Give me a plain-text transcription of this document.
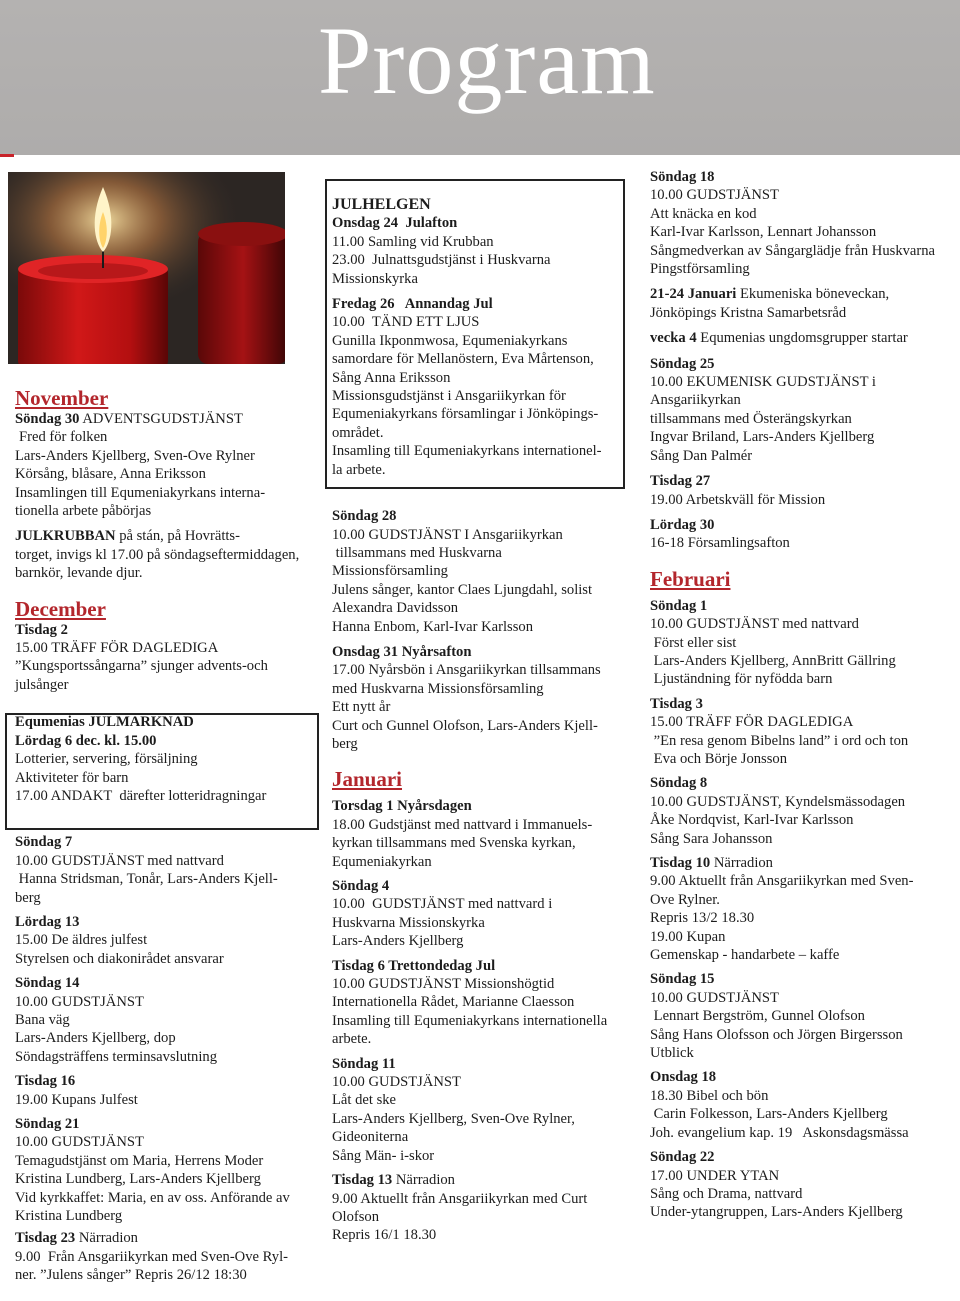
Program

November

Söndag 30 ADVENTSGUDSTJÄNST

Fred för folken

Lars-Anders Kjellberg, Sven-Ove Rylner

Körsång, blåsare, Anna Eriksson

Insamlingen till Equmeniakyrkans interna-

tionella arbete påbörjas

JULKRUBBAN på stán, på Hovrätts-

torget, invigs kl 17.00 på söndagseftermiddagen,

barnkör, levande djur.

December

Tisdag 2

15.00 TRÄFF FÖR DAGLEDIGA

”Kungsportssångarna” sjunger advents-och

julsånger

Equmenias JULMARKNAD

Lördag 6 dec. kl. 15.00

Lotterier, servering, försäljning

Aktiviteter för barn

17.00 ANDAKT  därefter lotteridragningar

Söndag 7

10.00 GUDSTJÄNST med nattvard

Hanna Stridsman, Tonår, Lars-Anders Kjell-

berg

Lördag 13

15.00 De äldres julfest

Styrelsen och diakonirådet ansvarar

Söndag 14

10.00 GUDSTJÄNST

Bana väg

Lars-Anders Kjellberg, dop

Söndagsträffens terminsavslutning

Tisdag 16

19.00 Kupans Julfest

Söndag 21

10.00 GUDSTJÄNST

Temagudstjänst om Maria, Herrens Moder

Kristina Lundberg, Lars-Anders Kjellberg

Vid kyrkkaffet: Maria, en av oss. Anförande av

Kristina Lundberg

Tisdag 23 Närradion

9.00  Från Ansgariikyrkan med Sven-Ove Ryl-

ner. ”Julens sånger” Repris 26/12 18:30

JULHELGEN

Onsdag 24  Julafton

11.00 Samling vid Krubban

23.00  Julnattsgudstjänst i Huskvarna

Missionskyrka

Fredag 26   Annandag Jul

10.00  TÄND ETT LJUS

Gunilla Ikponmwosa, Equmeniakyrkans

samordare för Mellanöstern, Eva Mårtenson,

Sång Anna Eriksson

Missionsgudstjänst i Ansgariikyrkan för

Equmeniakyrkans församlingar i Jönköpings-

området.

Insamling till Equmeniakyrkans internationel-

la arbete.

Söndag 28

10.00 GUDSTJÄNST I Ansgariikyrkan

tillsammans med Huskvarna

Missionsförsamling

Julens sånger, kantor Claes Ljungdahl, solist

Alexandra Davidsson

Hanna Enbom, Karl-Ivar Karlsson

Onsdag 31 Nyårsafton

17.00 Nyårsbön i Ansgariikyrkan tillsammans

med Huskvarna Missionsförsamling

Ett nytt år

Curt och Gunnel Olofson, Lars-Anders Kjell-

berg

Januari

Torsdag 1 Nyårsdagen

18.00 Gudstjänst med nattvard i Immanuels-

kyrkan tillsammans med Svenska kyrkan,

Equmeniakyrkan

Söndag 4

10.00  GUDSTJÄNST med nattvard i

Huskvarna Missionskyrka

Lars-Anders Kjellberg

Tisdag 6 Trettondedag Jul

10.00 GUDSTJÄNST Missionshögtid

Internationella Rådet, Marianne Claesson

Insamling till Equmeniakyrkans internationella

arbete.

Söndag 11

10.00 GUDSTJÄNST

Låt det ske

Lars-Anders Kjellberg, Sven-Ove Rylner,

Gideoniterna

Sång Män- i-skor

Tisdag 13 Närradion

9.00 Aktuellt från Ansgariikyrkan med Curt

Olofson

Repris 16/1 18.30

Söndag 18

10.00 GUDSTJÄNST

Att knäcka en kod

Karl-Ivar Karlsson, Lennart Johansson

Sångmedverkan av Sångarglädje från Huskvarna

Pingstförsamling

21-24 Januari Ekumeniska böneveckan,

Jönköpings Kristna Samarbetsråd

vecka 4 Equmenias ungdomsgrupper startar

Söndag 25

10.00 EKUMENISK GUDSTJÄNST i

Ansgariikyrkan

tillsammans med Österängskyrkan

Ingvar Briland, Lars-Anders Kjellberg

Sång Dan Palmér

Tisdag 27

19.00 Arbetskväll för Mission

Lördag 30

16-18 Församlingsafton

Februari

Söndag 1

10.00 GUDSTJÄNST med nattvard

Först eller sist

Lars-Anders Kjellberg, AnnBritt Gällring

Ljuständning för nyfödda barn

Tisdag 3

15.00 TRÄFF FÖR DAGLEDIGA

”En resa genom Bibelns land” i ord och ton

Eva och Börje Jonsson

Söndag 8

10.00 GUDSTJÄNST, Kyndelsmässodagen

Åke Nordqvist, Karl-Ivar Karlsson

Sång Sara Johansson

Tisdag 10 Närradion

9.00 Aktuellt från Ansgariikyrkan med Sven-

Ove Rylner.

Repris 13/2 18.30

19.00 Kupan

Gemenskap - handarbete – kaffe

Söndag 15

10.00 GUDSTJÄNST

Lennart Bergström, Gunnel Olofson

Sång Hans Olofsson och Jörgen Birgersson

Utblick

Onsdag 18

18.30 Bibel och bön

Carin Folkesson, Lars-Anders Kjellberg

Joh. evangelium kap. 19   Askonsdagsmässa

Söndag 22

17.00 UNDER YTAN

Sång och Drama, nattvard

Under-ytangruppen, Lars-Anders Kjellberg
